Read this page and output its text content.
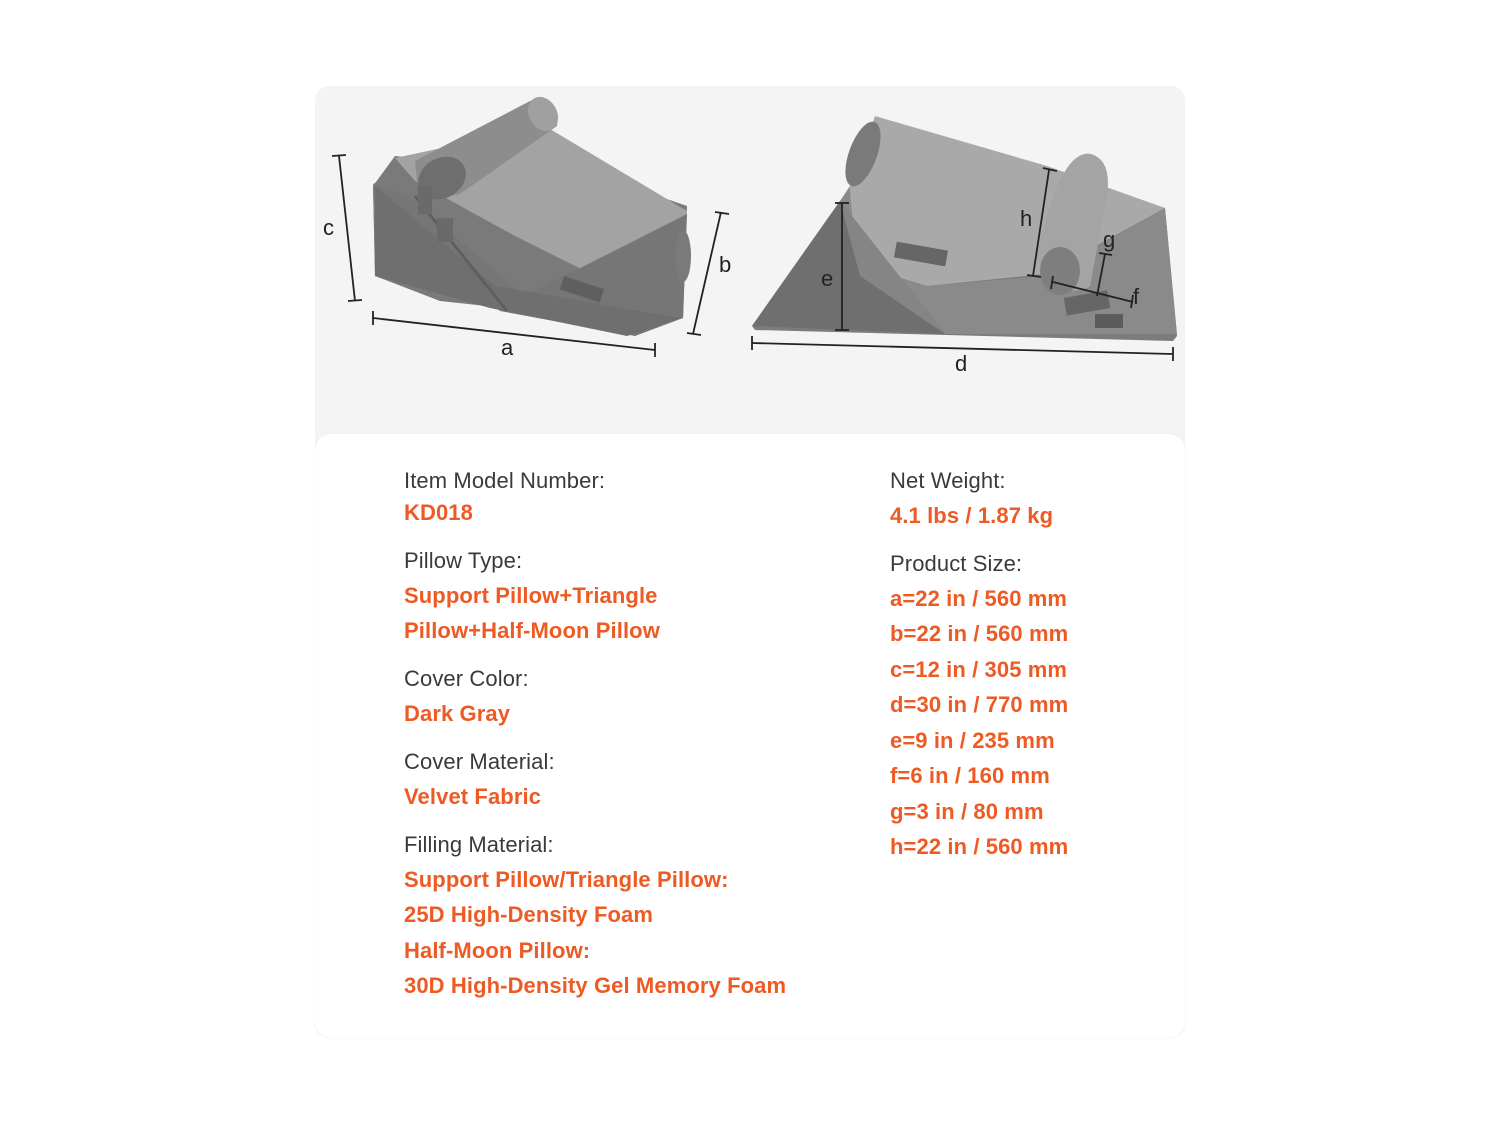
c
a
b
e
d
h
g
f
Item Model Number:
KD018
Pillow Type:
Support Pillow+Triangle
Pillow+Half-Moon Pillow
Cover Color:
Dark Gray
Cover Material:
Velvet Fabric
Filling Material:
Support Pillow/Triangle Pillow:
25D High-Density Foam
Half-Moon Pillow:
30D High-Density Gel Memory Foam
Net Weight:
4.1 lbs / 1.87 kg
Product Size:
a=22 in / 560 mm
b=22 in / 560 mm
c=12 in / 305 mm
d=30 in / 770 mm
e=9 in / 235 mm
f=6 in / 160 mm
g=3 in / 80 mm
h=22 in / 560 mm
